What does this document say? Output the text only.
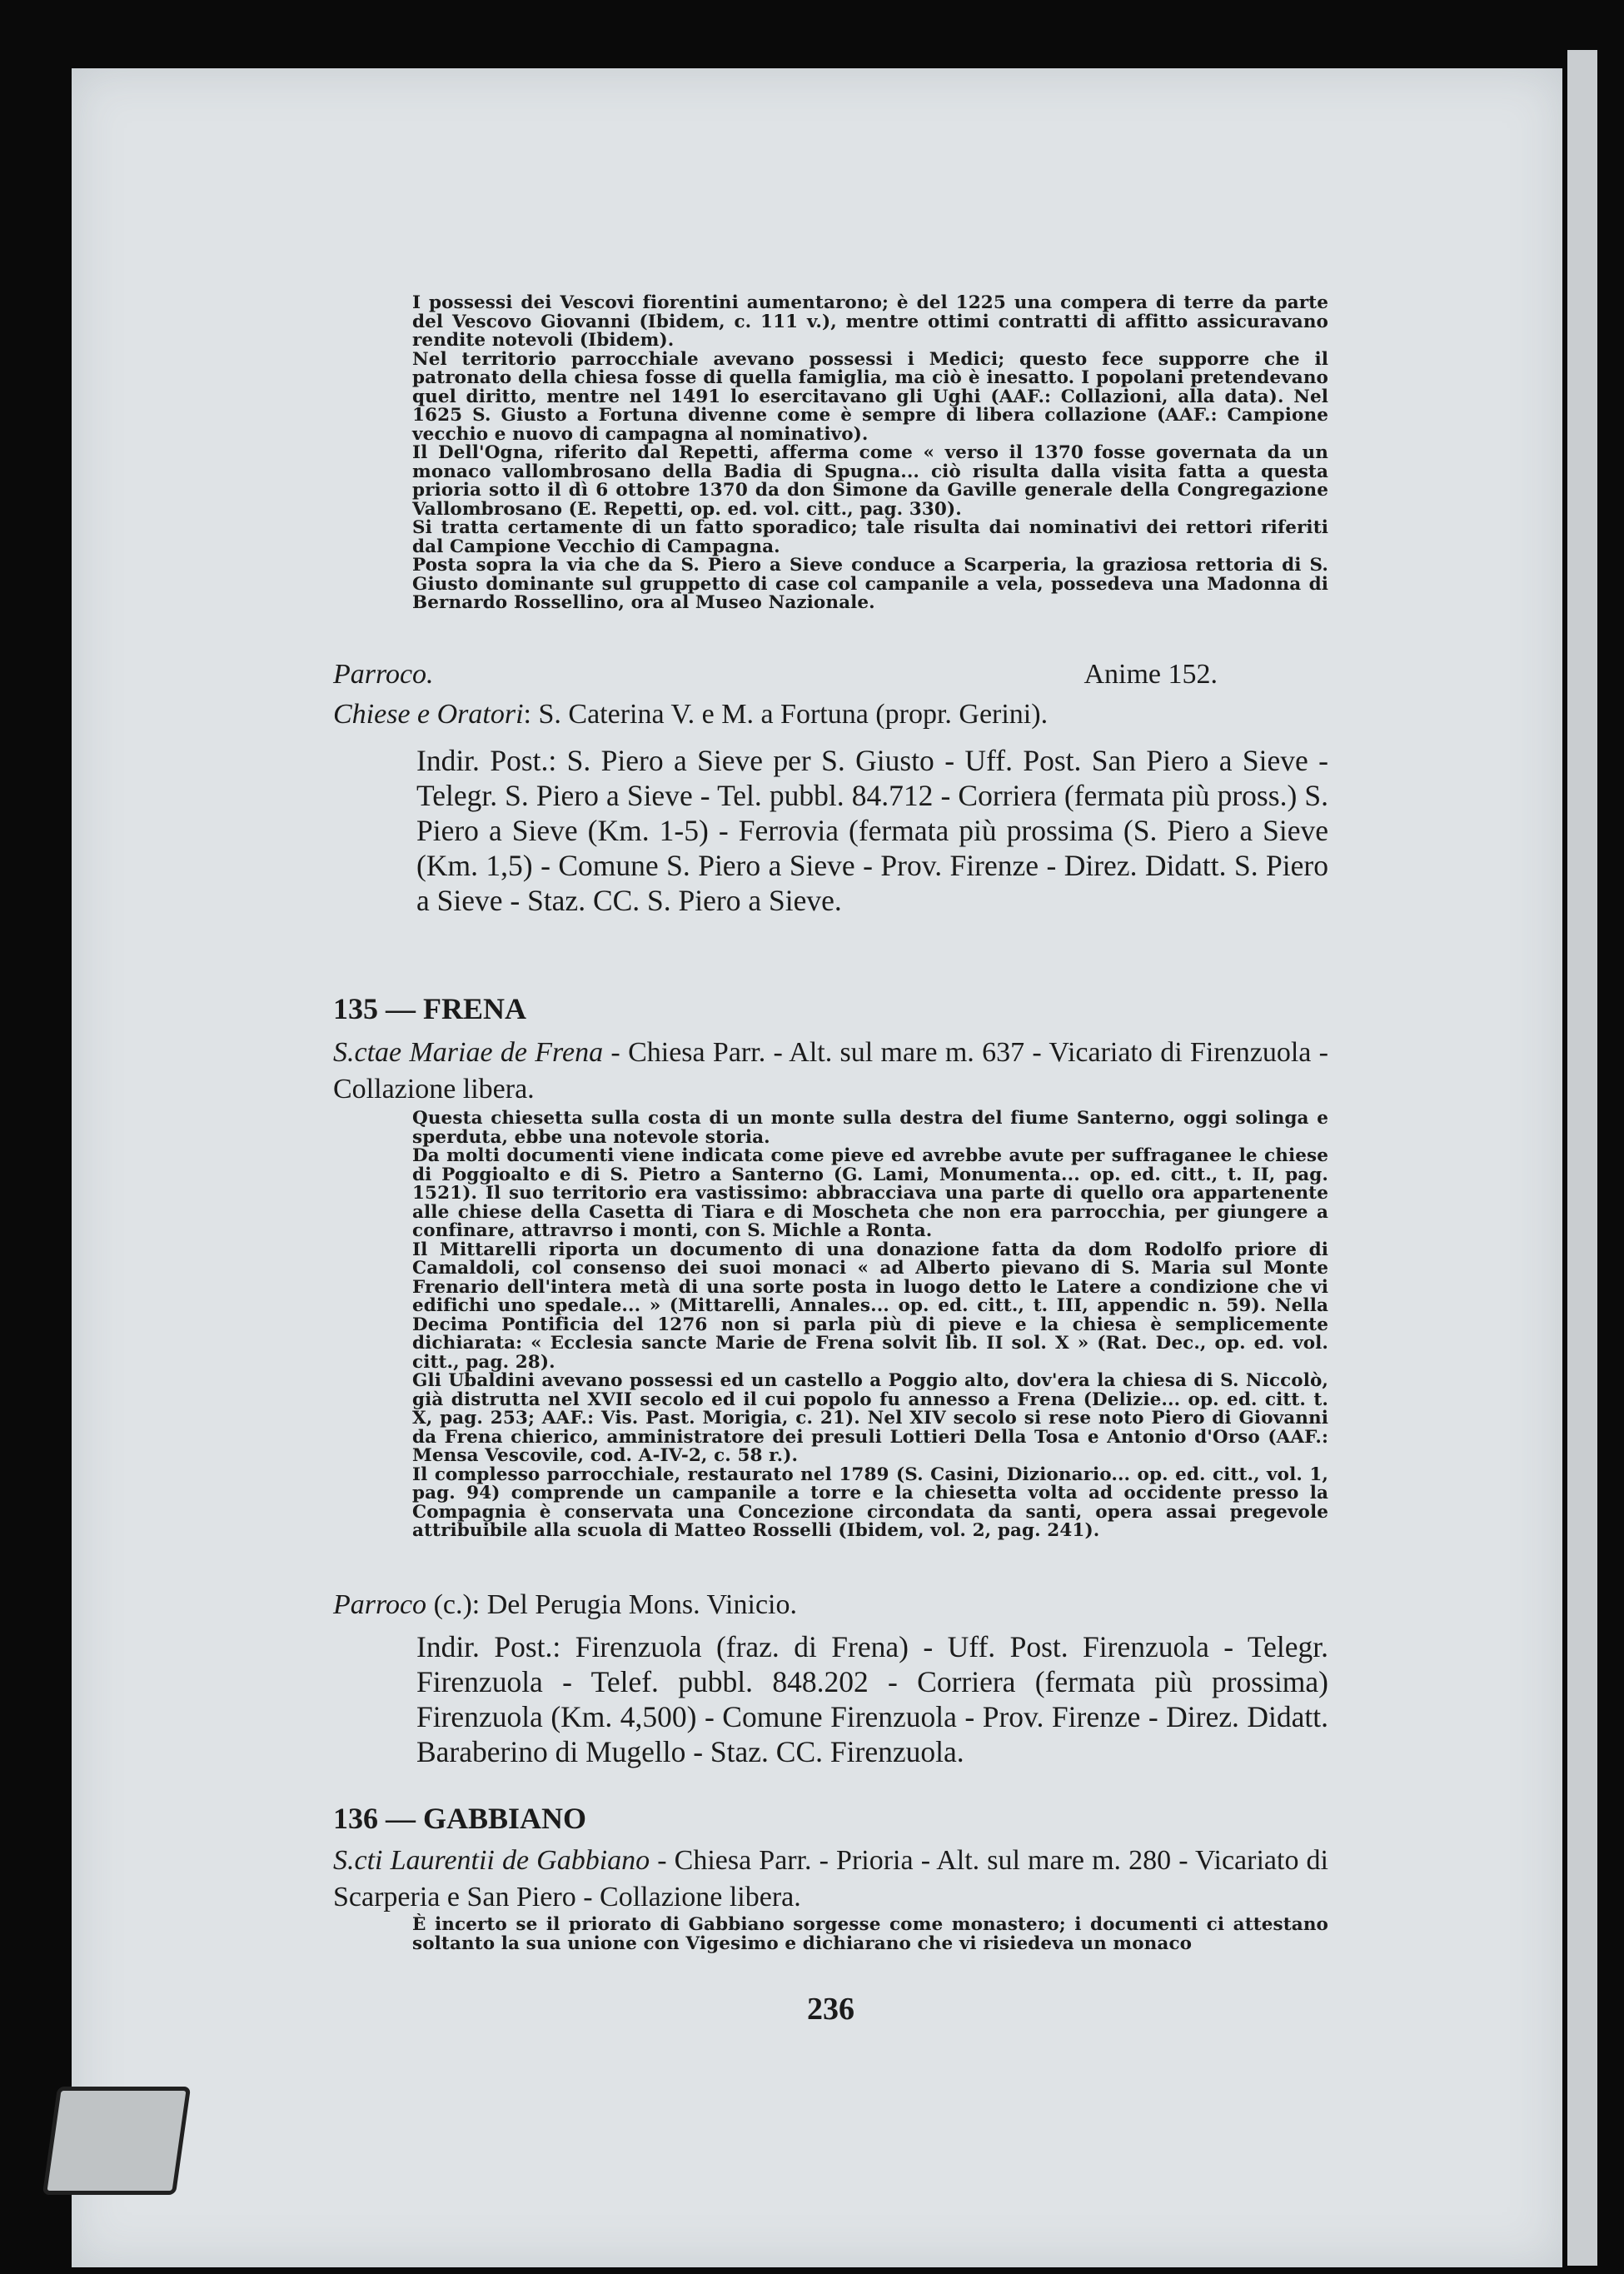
I possessi dei Vescovi fiorentini aumentarono; è del 1225 una compera di terre da parte del Vescovo Giovanni (Ibidem, c. 111 v.), mentre ottimi contratti di affitto assicuravano rendite notevoli (Ibidem).

Nel territorio parrocchiale avevano possessi i Medici; questo fece supporre che il patronato della chiesa fosse di quella famiglia, ma ciò è inesatto. I popolani pretendevano quel diritto, mentre nel 1491 lo esercitavano gli Ughi (AAF.: Collazioni, alla data). Nel 1625 S. Giusto a Fortuna divenne come è sempre di libera collazione (AAF.: Campione vecchio e nuovo di campagna al nominativo).

Il Dell'Ogna, riferito dal Repetti, afferma come « verso il 1370 fosse governata da un monaco vallombrosano della Badia di Spugna... ciò risulta dalla visita fatta a questa prioria sotto il dì 6 ottobre 1370 da don Simone da Gaville generale della Congregazione Vallombrosano (E. Repetti, op. ed. vol. citt., pag. 330).

Si tratta certamente di un fatto sporadico; tale risulta dai nominativi dei rettori riferiti dal Campione Vecchio di Campagna.

Posta sopra la via che da S. Piero a Sieve conduce a Scarperia, la graziosa rettoria di S. Giusto dominante sul gruppetto di case col campanile a vela, possedeva una Madonna di Bernardo Rossellino, ora al Museo Nazionale.

Parroco.	Anime 152.
Chiese e Oratori: S. Caterina V. e M. a Fortuna (propr. Gerini).

Indir. Post.: S. Piero a Sieve per S. Giusto - Uff. Post. San Piero a Sieve - Telegr. S. Piero a Sieve - Tel. pubbl. 84.712 - Corriera (fermata più pross.) S. Piero a Sieve (Km. 1-5) - Ferrovia (fermata più prossima (S. Piero a Sieve (Km. 1,5) - Comune S. Piero a Sieve - Prov. Firenze - Direz. Didatt. S. Piero a Sieve - Staz. CC. S. Piero a Sieve.

135 — FRENA
S.ctae Mariae de Frena - Chiesa Parr. - Alt. sul mare m. 637 - Vicariato di Firenzuola - Collazione libera.

Questa chiesetta sulla costa di un monte sulla destra del fiume Santerno, oggi solinga e sperduta, ebbe una notevole storia.

Da molti documenti viene indicata come pieve ed avrebbe avute per suffraganee le chiese di Poggioalto e di S. Pietro a Santerno (G. Lami, Monumenta... op. ed. citt., t. II, pag. 1521). Il suo territorio era vastissimo: abbracciava una parte di quello ora appartenente alle chiese della Casetta di Tiara e di Moscheta che non era parrocchia, per giungere a confinare, attravrso i monti, con S. Michle a Ronta.

Il Mittarelli riporta un documento di una donazione fatta da dom Rodolfo priore di Camaldoli, col consenso dei suoi monaci « ad Alberto pievano di S. Maria sul Monte Frenario dell'intera metà di una sorte posta in luogo detto le Latere a condizione che vi edifichi uno spedale... » (Mittarelli, Annales... op. ed. citt., t. III, appendic n. 59). Nella Decima Pontificia del 1276 non si parla più di pieve e la chiesa è semplicemente dichiarata: « Ecclesia sancte Marie de Frena solvit lib. II sol. X » (Rat. Dec., op. ed. vol. citt., pag. 28).

Gli Ubaldini avevano possessi ed un castello a Poggio alto, dov'era la chiesa di S. Niccolò, già distrutta nel XVII secolo ed il cui popolo fu annesso a Frena (Delizie... op. ed. citt. t. X, pag. 253; AAF.: Vis. Past. Morigia, c. 21). Nel XIV secolo si rese noto Piero di Giovanni da Frena chierico, amministratore dei presuli Lottieri Della Tosa e Antonio d'Orso (AAF.: Mensa Vescovile, cod. A-IV-2, c. 58 r.).

Il complesso parrocchiale, restaurato nel 1789 (S. Casini, Dizionario... op. ed. citt., vol. 1, pag. 94) comprende un campanile a torre e la chiesetta volta ad occidente presso la Compagnia è conservata una Concezione circondata da santi, opera assai pregevole attribuibile alla scuola di Matteo Rosselli (Ibidem, vol. 2, pag. 241).

Parroco (c.): Del Perugia Mons. Vinicio.

Indir. Post.: Firenzuola (fraz. di Frena) - Uff. Post. Firenzuola - Telegr. Firenzuola - Telef. pubbl. 848.202 - Corriera (fermata più prossima) Firenzuola (Km. 4,500) - Comune Firenzuola - Prov. Firenze - Direz. Didatt. Baraberino di Mugello - Staz. CC. Firenzuola.

136 — GABBIANO
S.cti Laurentii de Gabbiano - Chiesa Parr. - Prioria - Alt. sul mare m. 280 - Vicariato di Scarperia e San Piero - Collazione libera.

È incerto se il priorato di Gabbiano sorgesse come monastero; i documenti ci attestano soltanto la sua unione con Vigesimo e dichiarano che vi risiedeva un monaco

236
